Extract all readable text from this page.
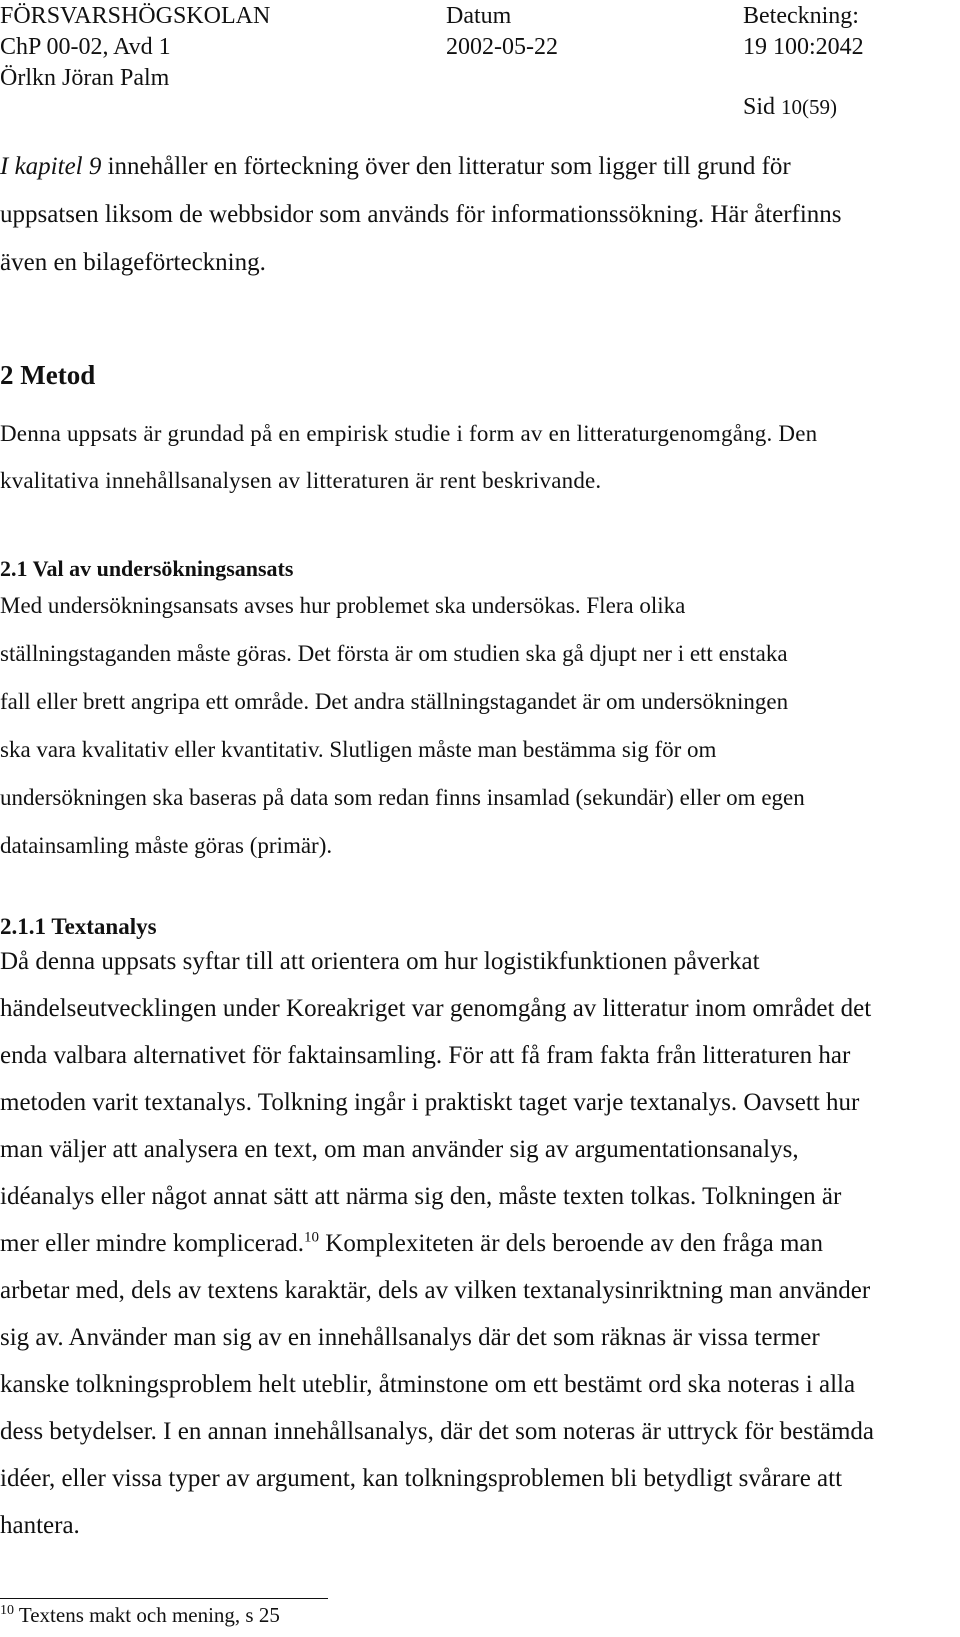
FÖRSVARSHÖGSKOLAN	Datum	Beteckning:
ChP 00-02, Avd 1	2002-05-22	19 100:2042
Örlkn Jöran Palm
Sid 10(59)

I kapitel 9 innehåller en förteckning över den litteratur som ligger till grund för
uppsatsen liksom de webbsidor som används för informationssökning. Här återfinns
även en bilageförteckning.

2 Metod

Denna uppsats är grundad på en empirisk studie i form av en litteraturgenomgång. Den
kvalitativa innehållsanalysen av litteraturen är rent beskrivande.

2.1 Val av undersökningsansats

Med undersökningsansats avses hur problemet ska undersökas. Flera olika
ställningstaganden måste göras. Det första är om studien ska gå djupt ner i ett enstaka
fall eller brett angripa ett område. Det andra ställningstagandet är om undersökningen
ska vara kvalitativ eller kvantitativ. Slutligen måste man bestämma sig för om
undersökningen ska baseras på data som redan finns insamlad (sekundär) eller om egen
datainsamling måste göras (primär).

2.1.1 Textanalys

Då denna uppsats syftar till att orientera om hur logistikfunktionen påverkat
händelseutvecklingen under Koreakriget var genomgång av litteratur inom området det
enda valbara alternativet för faktainsamling. För att få fram fakta från litteraturen har
metoden varit textanalys. Tolkning ingår i praktiskt taget varje textanalys. Oavsett hur
man väljer att analysera en text, om man använder sig av argumentationsanalys,
idéanalys eller något annat sätt att närma sig den, måste texten tolkas. Tolkningen är
mer eller mindre komplicerad.$^{10}$ Komplexiteten är dels beroende av den fråga man
arbetar med, dels av textens karaktär, dels av vilken textanalysinriktning man använder
sig av. Använder man sig av en innehållsanalys där det som räknas är vissa termer
kanske tolkningsproblem helt uteblir, åtminstone om ett bestämt ord ska noteras i alla
dess betydelser. I en annan innehållsanalys, där det som noteras är uttryck för bestämda
idéer, eller vissa typer av argument, kan tolkningsproblemen bli betydligt svårare att
hantera.

$^{10}$ Textens makt och mening, s 25
